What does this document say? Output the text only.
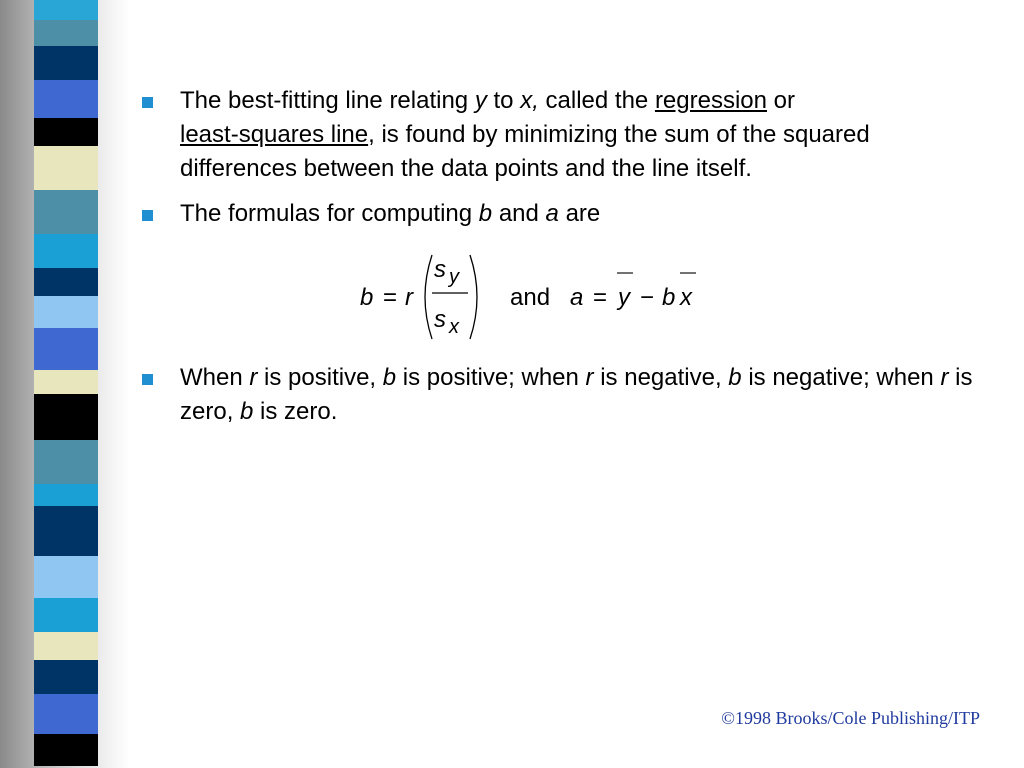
The best-fitting line relating y to x, called the regression or
least-squares line, is found by minimizing the sum of the squared differences between the data points and the line itself.
The formulas for computing b and a are
b = r
s y
s x
and a = y − b x
When r is positive, b is positive; when r is negative, b is negative; when r is zero, b is zero.
©1998 Brooks/Cole Publishing/ITP
